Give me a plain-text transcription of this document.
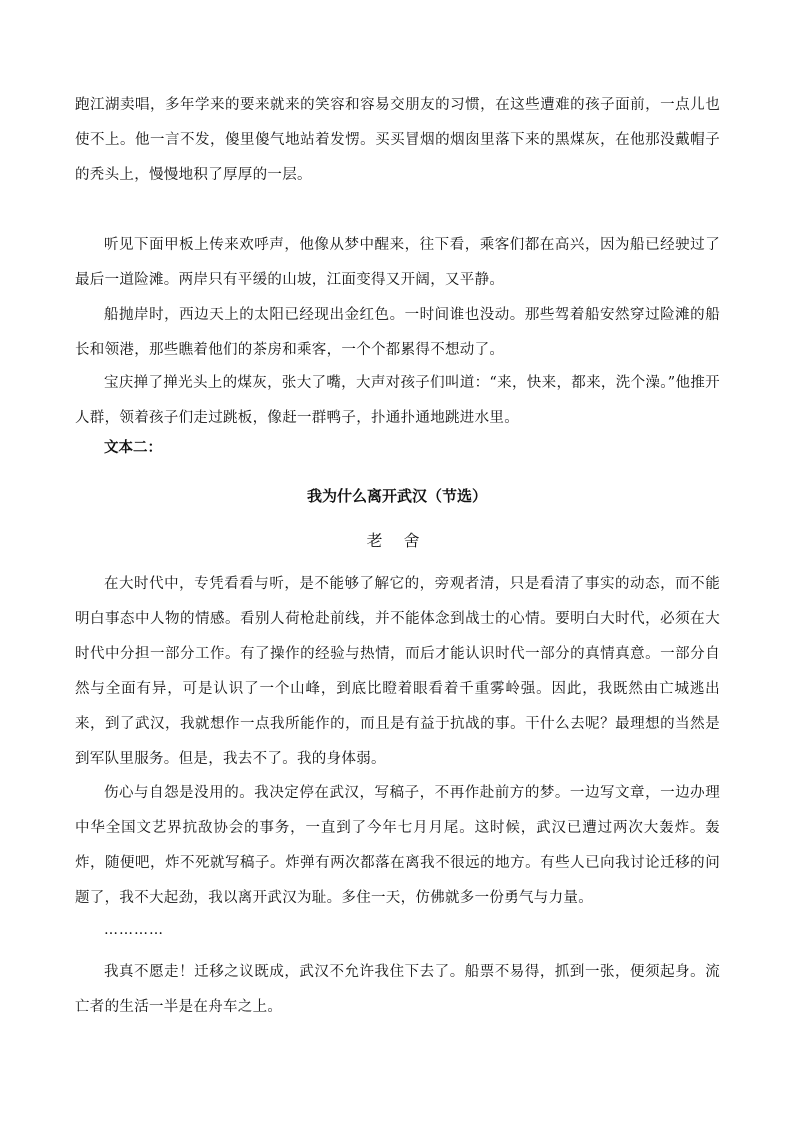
跑江湖卖唱，多年学来的要来就来的笑容和容易交朋友的习惯，在这些遭难的孩子面前，一点儿也使不上。他一言不发，傻里傻气地站着发愣。买买冒烟的烟囱里落下来的黑煤灰，在他那没戴帽子的秃头上，慢慢地积了厚厚的一层。

听见下面甲板上传来欢呼声，他像从梦中醒来，往下看，乘客们都在高兴，因为船已经驶过了最后一道险滩。两岸只有平缓的山坡，江面变得又开阔，又平静。

船抛岸时，西边天上的太阳已经现出金红色。一时间谁也没动。那些驾着船安然穿过险滩的船长和领港，那些瞧着他们的茶房和乘客，一个个都累得不想动了。

宝庆掸了掸光头上的煤灰，张大了嘴，大声对孩子们叫道：“来，快来，都来，洗个澡。”他推开人群，领着孩子们走过跳板，像赶一群鸭子，扑通扑通地跳进水里。

文本二：

我为什么离开武汉（节选）

老 舍

在大时代中，专凭看看与听，是不能够了解它的，旁观者清，只是看清了事实的动态，而不能明白事态中人物的情感。看别人荷枪赴前线，并不能体念到战士的心情。要明白大时代，必须在大时代中分担一部分工作。有了操作的经验与热情，而后才能认识时代一部分的真情真意。一部分自然与全面有异，可是认识了一个山峰，到底比瞪着眼看着千重雾岭强。因此，我既然由亡城逃出来，到了武汉，我就想作一点我所能作的，而且是有益于抗战的事。干什么去呢？最理想的当然是到军队里服务。但是，我去不了。我的身体弱。

伤心与自怨是没用的。我决定停在武汉，写稿子，不再作赴前方的梦。一边写文章，一边办理中华全国文艺界抗敌协会的事务，一直到了今年七月月尾。这时候，武汉已遭过两次大轰炸。轰炸，随便吧，炸不死就写稿子。炸弹有两次都落在离我不很远的地方。有些人已向我讨论迁移的问题了，我不大起劲，我以离开武汉为耻。多住一天，仿佛就多一份勇气与力量。

…………

我真不愿走！迁移之议既成，武汉不允许我住下去了。船票不易得，抓到一张，便须起身。流亡者的生活一半是在舟车之上。
